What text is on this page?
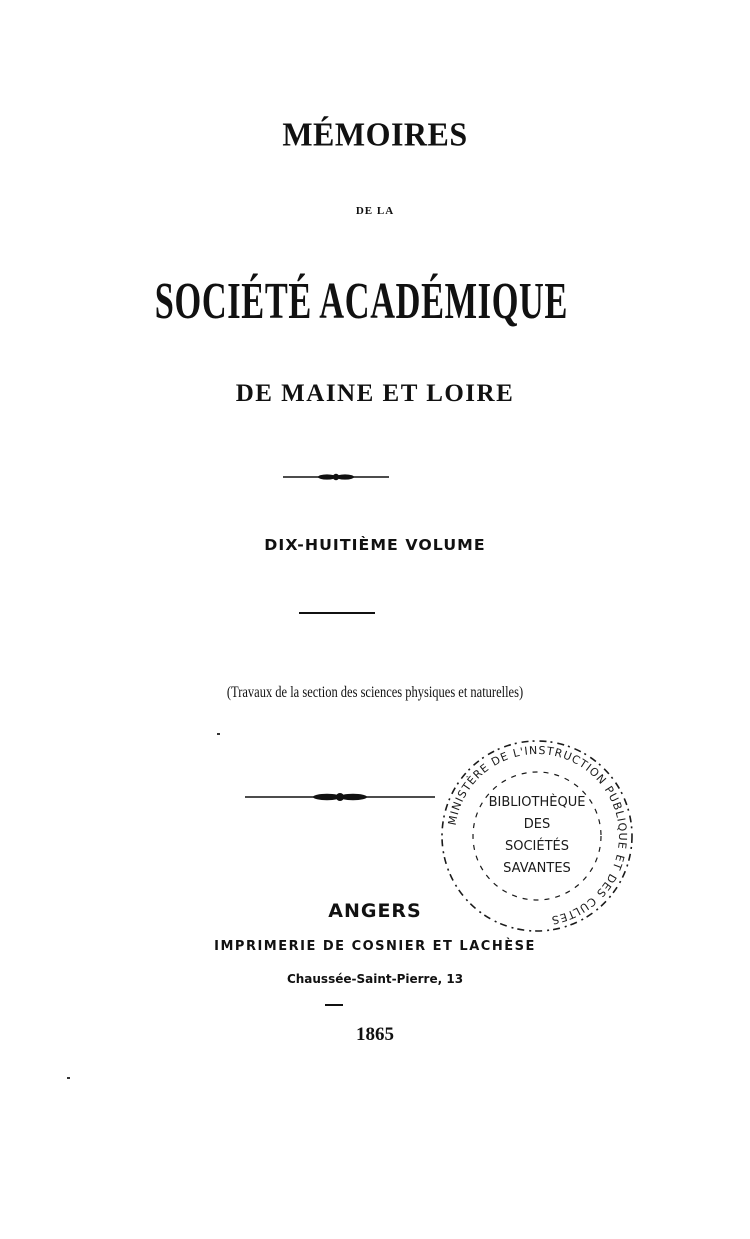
MÉMOIRES
DE LA
SOCIÉTÉ ACADÉMIQUE
DE MAINE ET LOIRE
DIX-HUITIÈME VOLUME
(Travaux de la section des sciences physiques et naturelles)
MINISTÈRE DE L'INSTRUCTION PUBLIQUE ET DES CULTES
BIBLIOTHÈQUE
DES
SOCIÉTÉS
SAVANTES
ANGERS
IMPRIMERIE DE COSNIER ET LACHÈSE
Chaussée-Saint-Pierre, 13
1865
